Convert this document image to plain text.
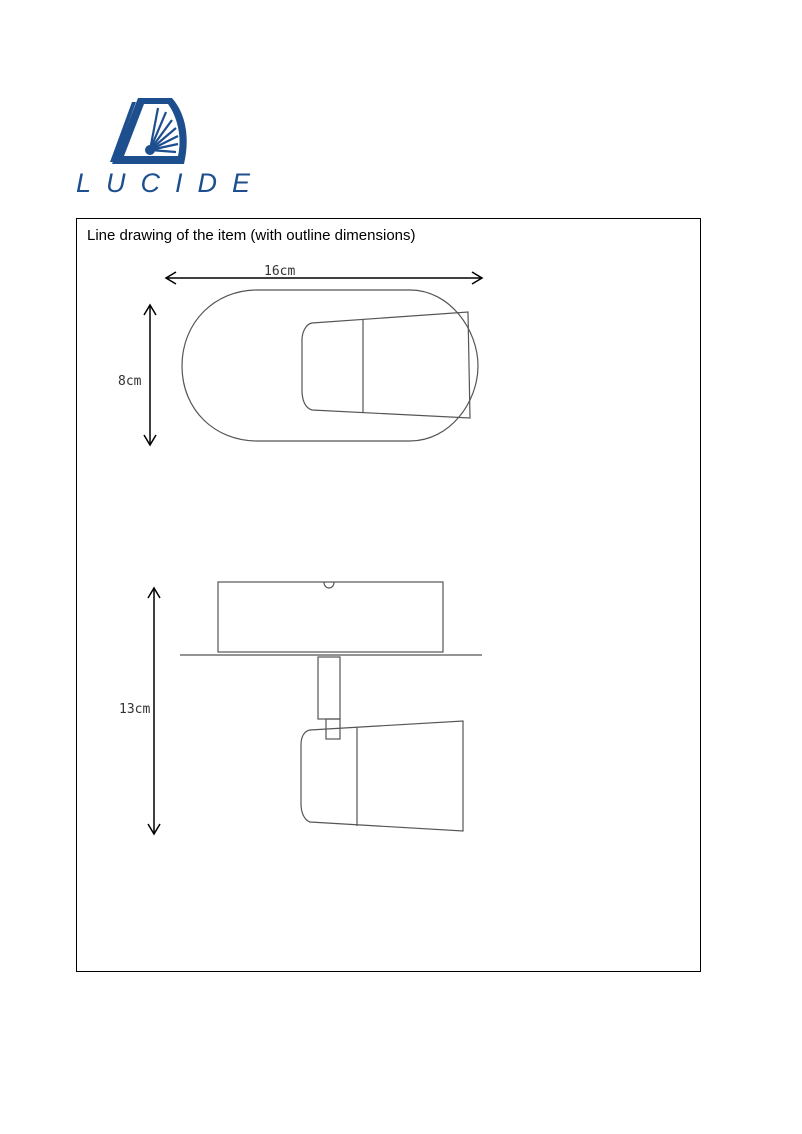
LUCIDE
Line drawing of the item (with outline dimensions)
16cm
8cm
13cm
